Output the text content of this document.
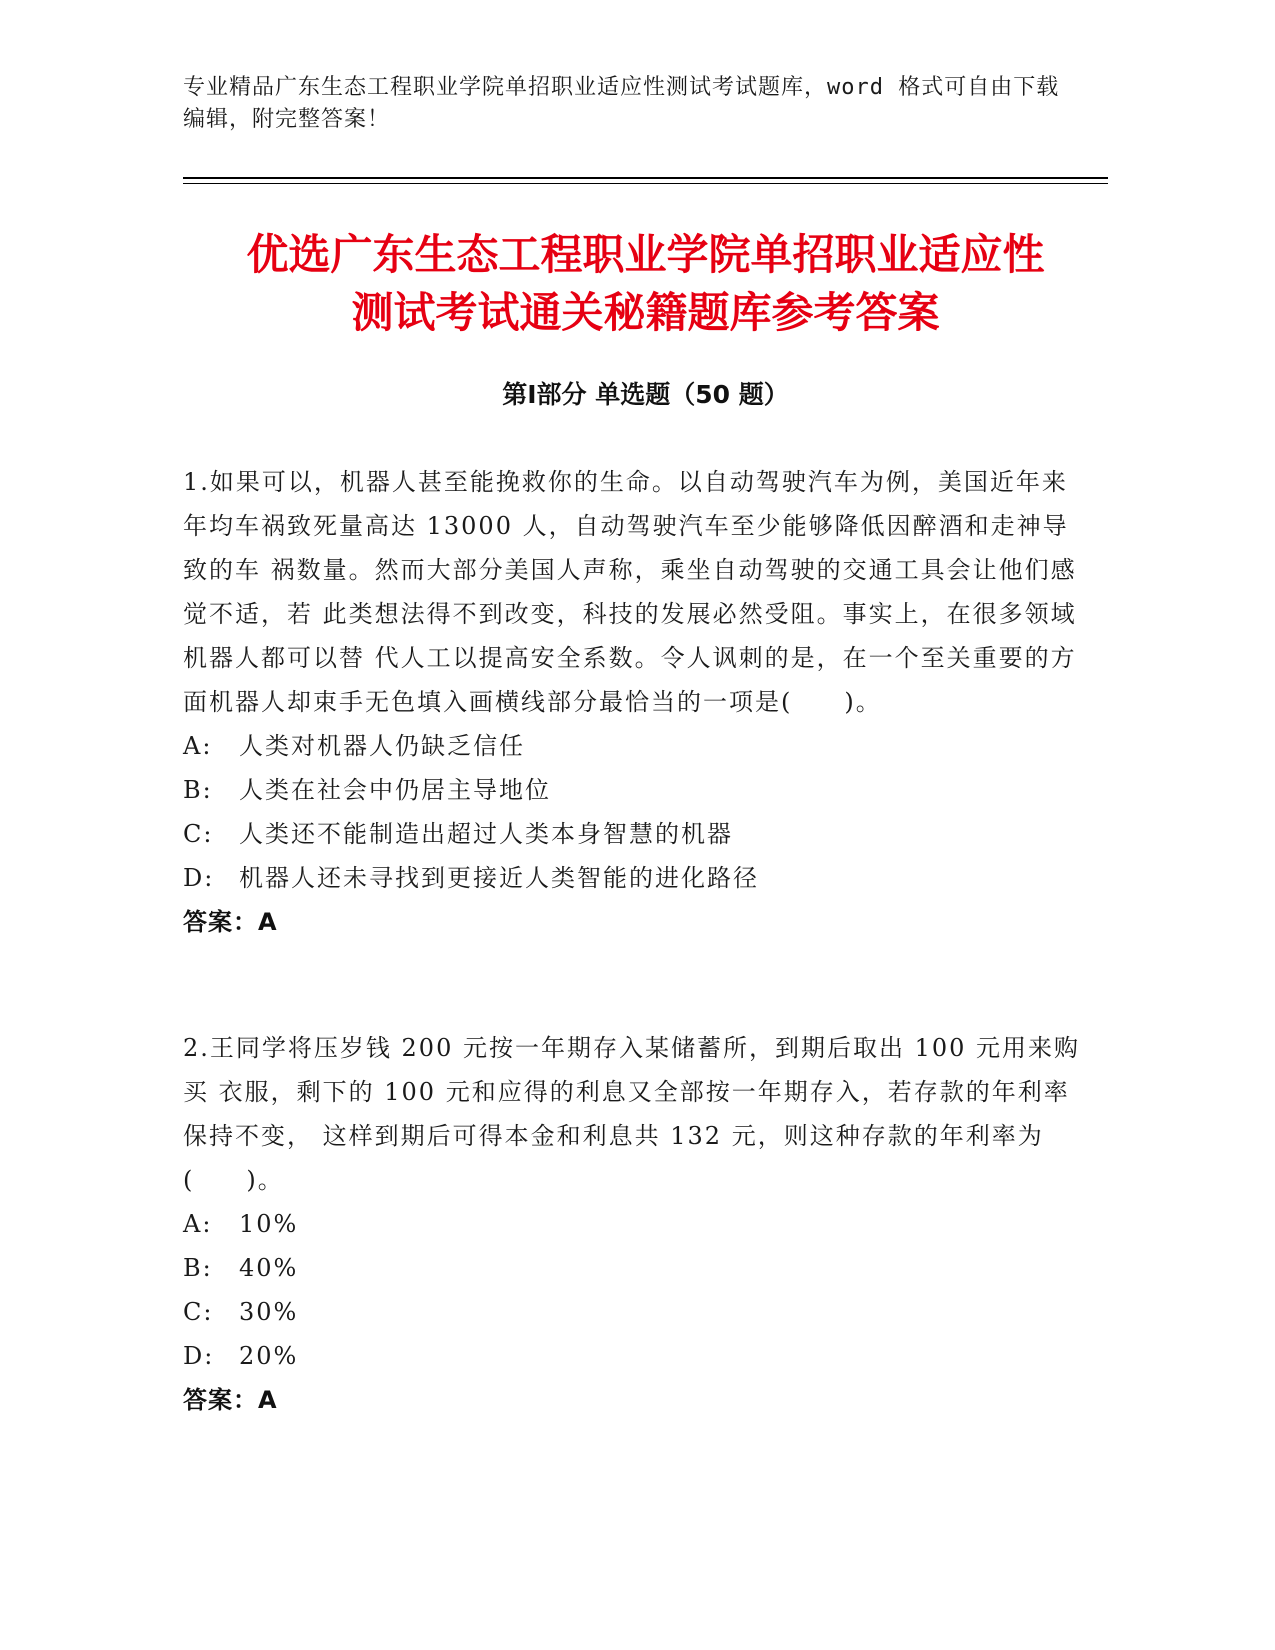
专业精品广东生态工程职业学院单招职业适应性测试考试题库，word 格式可自由下载编辑，附完整答案！
优选广东生态工程职业学院单招职业适应性
测试考试通关秘籍题库参考答案
第Ⅰ部分 单选题（50 题）

1.如果可以，机器人甚至能挽救你的生命。以自动驾驶汽车为例，美国近年来 年均车祸致死量高达 13000 人，自动驾驶汽车至少能够降低因醉酒和走神导致的车 祸数量。然而大部分美国人声称，乘坐自动驾驶的交通工具会让他们感觉不适，若 此类想法得不到改变，科技的发展必然受阻。事实上，在很多领域机器人都可以替 代人工以提高安全系数。令人讽刺的是，在一个至关重要的方面机器人却束手无色填入画横线部分最恰当的一项是(　　)。

A:	人类对机器人仍缺乏信任
B:	人类在社会中仍居主导地位
C:	人类还不能制造出超过人类本身智慧的机器
D:	机器人还未寻找到更接近人类智能的进化路径
答案：A

2.王同学将压岁钱 200 元按一年期存入某储蓄所，到期后取出 100 元用来购买 衣服，剩下的 100 元和应得的利息又全部按一年期存入，若存款的年利率保持不变， 这样到期后可得本金和利息共 132 元，则这种存款的年利率为(　　)。

A:	10%
B:	40%
C:	30%
D:	20%
答案：A
